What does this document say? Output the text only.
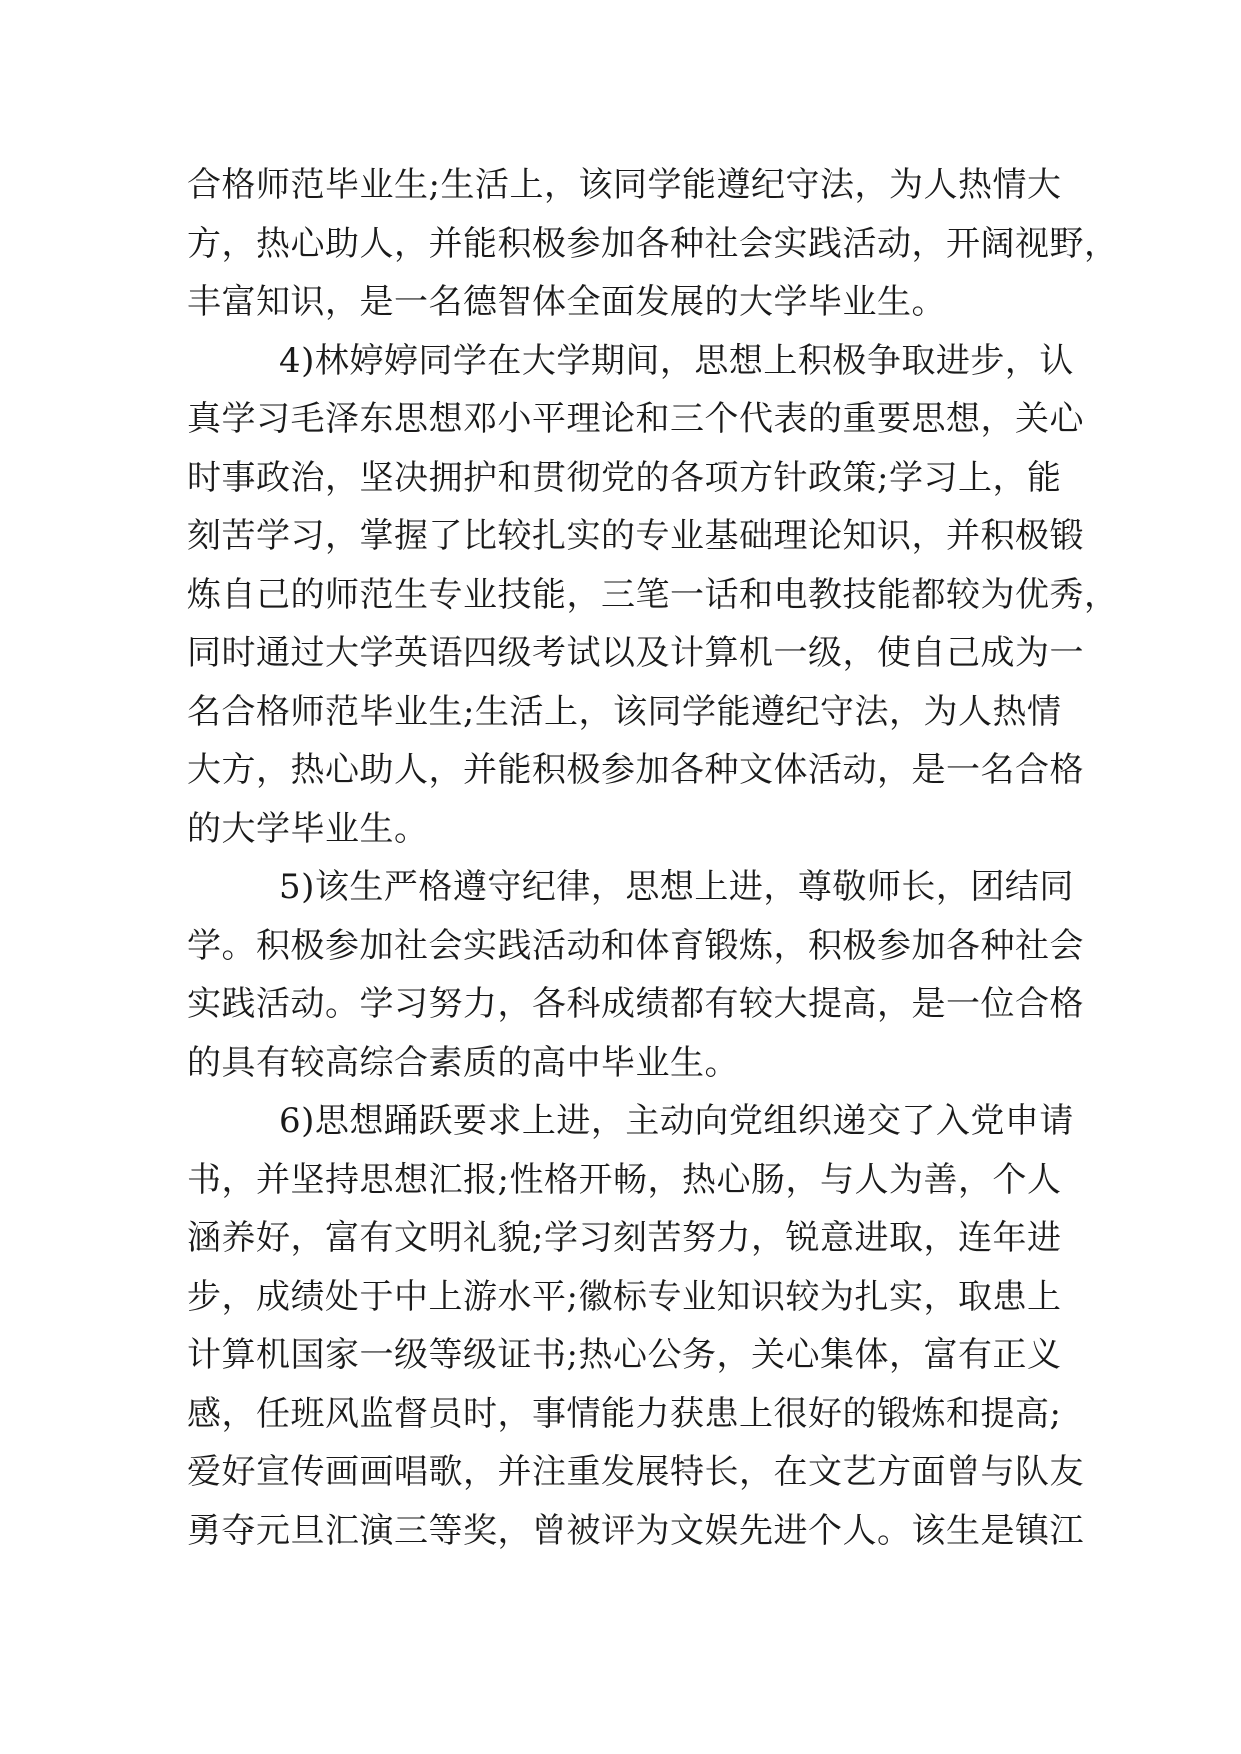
合格师范毕业生;生活上，该同学能遵纪守法，为人热情大
方，热心助人，并能积极参加各种社会实践活动，开阔视野，
丰富知识，是一名德智体全面发展的大学毕业生。

4)林婷婷同学在大学期间，思想上积极争取进步，认
真学习毛泽东思想邓小平理论和三个代表的重要思想，关心
时事政治，坚决拥护和贯彻党的各项方针政策;学习上，能
刻苦学习，掌握了比较扎实的专业基础理论知识，并积极锻
炼自己的师范生专业技能，三笔一话和电教技能都较为优秀，
同时通过大学英语四级考试以及计算机一级，使自己成为一
名合格师范毕业生;生活上，该同学能遵纪守法，为人热情
大方，热心助人，并能积极参加各种文体活动，是一名合格
的大学毕业生。

5)该生严格遵守纪律，思想上进，尊敬师长，团结同
学。积极参加社会实践活动和体育锻炼，积极参加各种社会
实践活动。学习努力，各科成绩都有较大提高，是一位合格
的具有较高综合素质的高中毕业生。

6)思想踊跃要求上进，主动向党组织递交了入党申请
书，并坚持思想汇报;性格开畅，热心肠，与人为善，个人
涵养好，富有文明礼貌;学习刻苦努力，锐意进取，连年进
步，成绩处于中上游水平;徽标专业知识较为扎实，取患上
计算机国家一级等级证书;热心公务，关心集体，富有正义
感，任班风监督员时，事情能力获患上很好的锻炼和提高;
爱好宣传画画唱歌，并注重发展特长，在文艺方面曾与队友
勇夺元旦汇演三等奖，曾被评为文娱先进个人。该生是镇江
